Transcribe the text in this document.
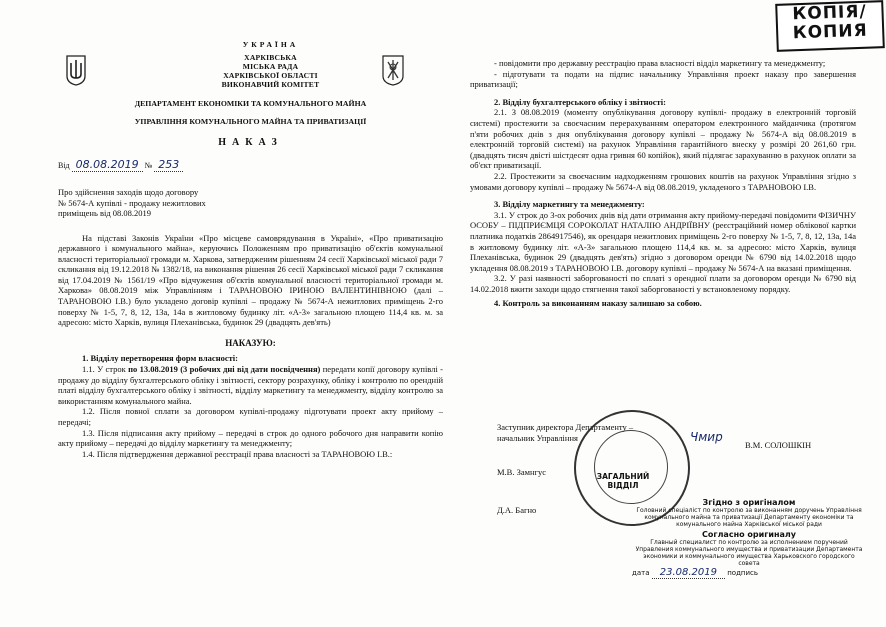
КОПІЯ/
КОПИЯ
УКРАЇНА
ХАРКІВСЬКА
МІСЬКА РАДА
ХАРКІВСЬКОЇ ОБЛАСТІ
ВИКОНАВЧИЙ КОМІТЕТ
ДЕПАРТАМЕНТ ЕКОНОМІКИ ТА КОМУНАЛЬНОГО МАЙНА
УПРАВЛІННЯ КОМУНАЛЬНОГО МАЙНА ТА ПРИВАТИЗАЦІЇ
НАКАЗ
Від 08.08.2019 № 253
Про здійснення заходів щодо договору
№ 5674-А купівлі - продажу нежитлових
приміщень від 08.08.2019

На підставі Законів України «Про місцеве самоврядування в Україні», «Про приватизацію державного і комунального майна», керуючись Положенням про приватизацію об'єктів комунальної власності територіальної громади м. Харкова, затвердженим рішенням 24 сесії Харківської міської ради 7 скликання від 19.12.2018 № 1382/18, на виконання рішення 26 сесії Харківської міської ради 7 скликання від 17.04.2019 № 1561/19 «Про відчуження об'єктів комунальної власності територіальної громади м. Харкова» 08.08.2019 між Управлінням і ТАРАНОВОЮ ІРИНОЮ ВАЛЕНТИНІВНОЮ (далі – ТАРАНОВОЮ І.В.) було укладено договір купівлі – продажу № 5674-А нежитлових приміщень 2-го поверху № 1-5, 7, 8, 12, 13а, 14а в житловому будинку літ. «А-3» загальною площею 114,4 кв. м. за адресою: місто Харків, вулиця Плеханівська, будинок 29 (двадцять дев'ять)

НАКАЗУЮ:

1. Відділу перетворення форм власності:

1.1. У строк по 13.08.2019 (3 робочих дні від дати посвідчення) передати копії договору купівлі - продажу до відділу бухгалтерського обліку і звітності, сектору розрахунку, обліку і контролю по орендній платі відділу бухгалтерського обліку і звітності, відділу маркетингу та менеджменту, відділу контролю за використанням комунального майна.

1.2. Після повної сплати за договором купівлі-продажу підготувати проект акту прийому – передачі;

1.3. Після підписання акту прийому – передачі в строк до одного робочого дня направити копію акту прийому – передачі до відділу маркетингу та менеджменту;

1.4. Після підтвердження державної реєстрації права власності за ТАРАНОВОЮ І.В.:

- повідомити про державну реєстрацію права власності відділ маркетингу та менеджменту;

- підготувати та подати на підпис начальнику Управління проект наказу про завершення приватизації;

2. Відділу бухгалтерського обліку і звітності:

2.1. З 08.08.2019 (моменту опублікування договору купівлі- продажу в електронній торговій системі) простежити за своєчасним перерахуванням оператором електронного майданчика (протягом п'яти робочих днів з дня опублікування договору купівлі – продажу № 5674-А від 08.08.2019 в електронній торговій системі) на рахунок Управління гарантійного внеску у розмірі 20 261,60 грн. (двадцять тисяч двісті шістдесят одна гривня 60 копійок), який підлягає зарахуванню в рахунок оплати за об'єкт приватизації.

2.2. Простежити за своєчасним надходженням грошових коштів на рахунок Управління згідно з умовами договору купівлі – продажу № 5674-А від 08.08.2019, укладеного з ТАРАНОВОЮ І.В.

3. Відділу маркетингу та менеджменту:

3.1. У строк до 3-ох робочих днів від дати отримання акту прийому-передачі повідомити ФІЗИЧНУ ОСОБУ – ПІДПРИЄМЦЯ СОРОКОЛАТ НАТАЛІЮ АНДРІЇВНУ (реєстраційний номер облікової картки платника податків 2864917546), як орендаря нежитлових приміщень 2-го поверху № 1-5, 7, 8, 12, 13а, 14а в житловому будинку літ. «А-3» загальною площею 114,4 кв. м. за адресою: місто Харків, вулиця Плеханівська, будинок 29 (двадцять дев'ять) згідно з договором оренди № 6790 від 14.02.2018 щодо укладення 08.08.2019 з ТАРАНОВОЮ І.В. договору купівлі – продажу № 5674-А на вказані приміщення.

3.2. У разі наявності заборгованості по сплаті з орендної плати за договором оренди № 6790 від 14.02.2018 вжити заходи щодо стягнення такої заборгованості у встановленому порядку.

4. Контроль за виконанням наказу залишаю за собою.

Заступник директора Департаменту –
начальник Управління	Чмир
В.М. СОЛОШКІН
М.В. Замнгус
Д.А. Багно
ЗАГАЛЬНИЙ
ВІДДІЛ
Згідно з оригіналом
Головний спеціаліст по контролю за виконанням доручень Управління комунального майна та приватизації Департаменту економіки та комунального майна Харківської міської ради
Согласно оригиналу
Главный специалист по контролю за исполнением поручений Управления коммунального имущества и приватизации Департамента экономики и коммунального имущества Харьковского городского совета
дата 23.08.2019 подпись
